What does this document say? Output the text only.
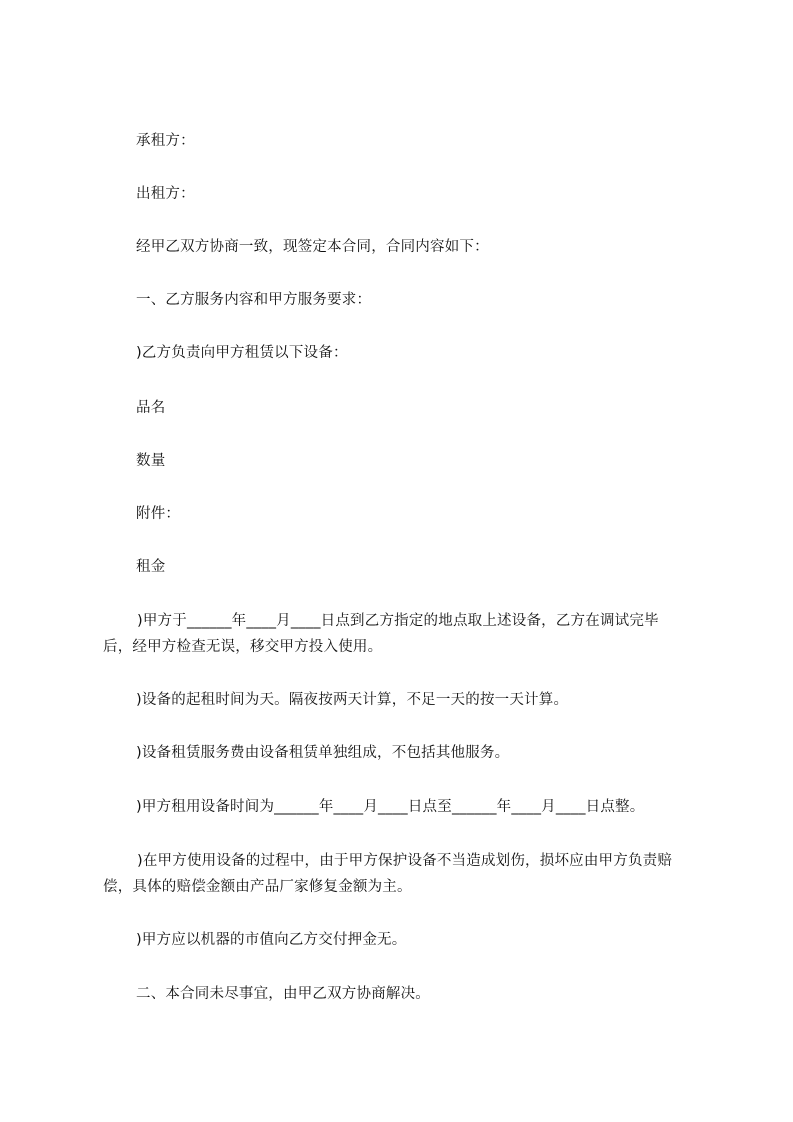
承租方：

出租方：

经甲乙双方协商一致，现签定本合同，合同内容如下：

一、乙方服务内容和甲方服务要求：

)乙方负责向甲方租赁以下设备：

品名

数量

附件：

租金

)甲方于______年____月____日点到乙方指定的地点取上述设备，乙方在调试完毕后，经甲方检查无误，移交甲方投入使用。

)设备的起租时间为天。隔夜按两天计算，不足一天的按一天计算。

)设备租赁服务费由设备租赁单独组成，不包括其他服务。

)甲方租用设备时间为______年____月____日点至______年____月____日点整。

)在甲方使用设备的过程中，由于甲方保护设备不当造成划伤，损坏应由甲方负责赔偿，具体的赔偿金额由产品厂家修复金额为主。

)甲方应以机器的市值向乙方交付押金无。

二、本合同未尽事宜，由甲乙双方协商解决。
